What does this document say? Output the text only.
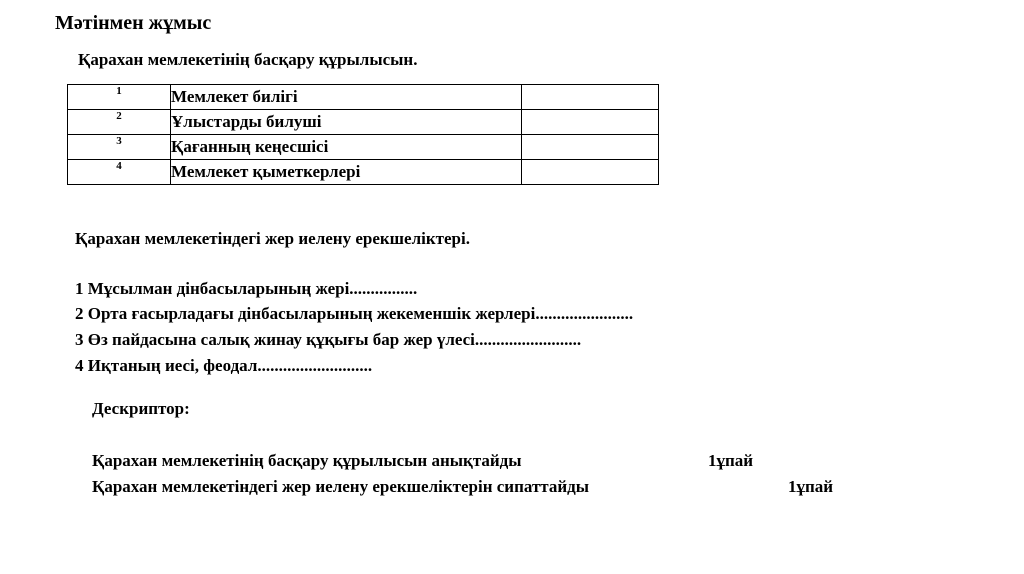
Мәтінмен жұмыс
Қарахан мемлекетінің басқару құрылысын.
1	Мемлекет билігі	
2	Ұлыстарды билуші	
3	Қағанның кеңесшісі	
4	Мемлекет қыметкерлері	
Қарахан мемлекетіндегі жер иелену ерекшеліктері.
1 Мұсылман дінбасыларының жері................
2 Орта ғасырладағы дінбасыларының жекеменшік жерлері.......................
3 Өз пайдасына салық жинау құқығы бар жер үлесі.........................
4 Иқтаның иесі, феодал...........................
Дескриптор:
Қарахан мемлекетінің басқару құрылысын анықтайды	1ұпай
Қарахан мемлекетіндегі жер иелену ерекшеліктерін сипаттайды	1ұпай
